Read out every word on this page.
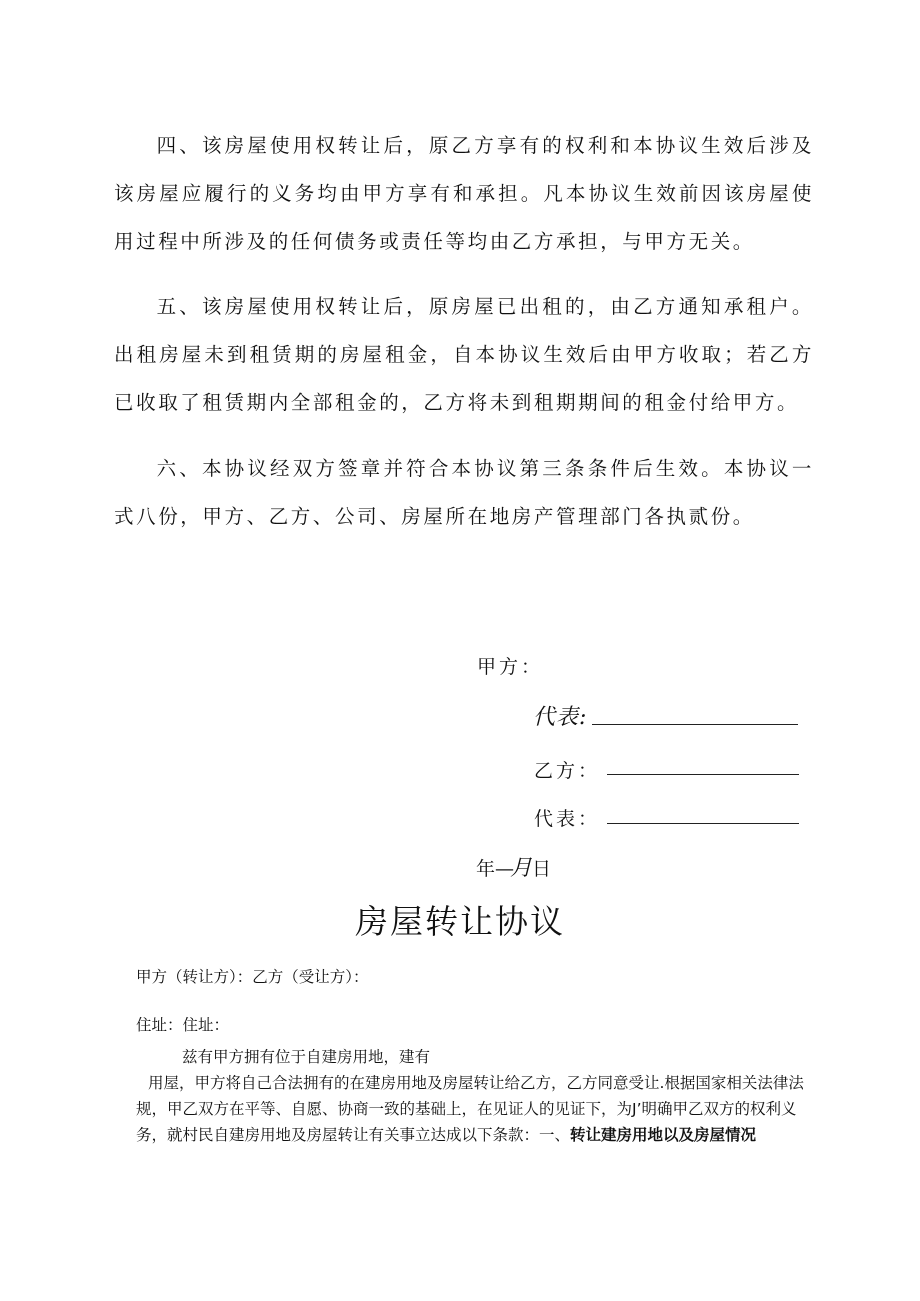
四、该房屋使用权转让后，原乙方享有的权利和本协议生效后涉及该房屋应履行的义务均由甲方享有和承担。凡本协议生效前因该房屋使用过程中所涉及的任何债务或责任等均由乙方承担，与甲方无关。

五、该房屋使用权转让后，原房屋已出租的，由乙方通知承租户。出租房屋未到租赁期的房屋租金，自本协议生效后由甲方收取；若乙方已收取了租赁期内全部租金的，乙方将未到租期期间的租金付给甲方。

六、本协议经双方签章并符合本协议第三条条件后生效。本协议一式八份，甲方、乙方、公司、房屋所在地房产管理部门各执贰份。

甲方：

代表:

乙方：

代表：

年—月日

房屋转让协议

甲方（转让方）：乙方（受让方）：

住址：住址：

兹有甲方拥有位于自建房用地，建有

用屋，甲方将自己合法拥有的在建房用地及房屋转让给乙方，乙方同意受让.根据国家相关法律法规，甲乙双方在平等、自愿、协商一致的基础上，在见证人的见证下，为J’明确甲乙双方的权利义务，就村民自建房用地及房屋转让有关事立达成以下条款：一、转让建房用地以及房屋情况
